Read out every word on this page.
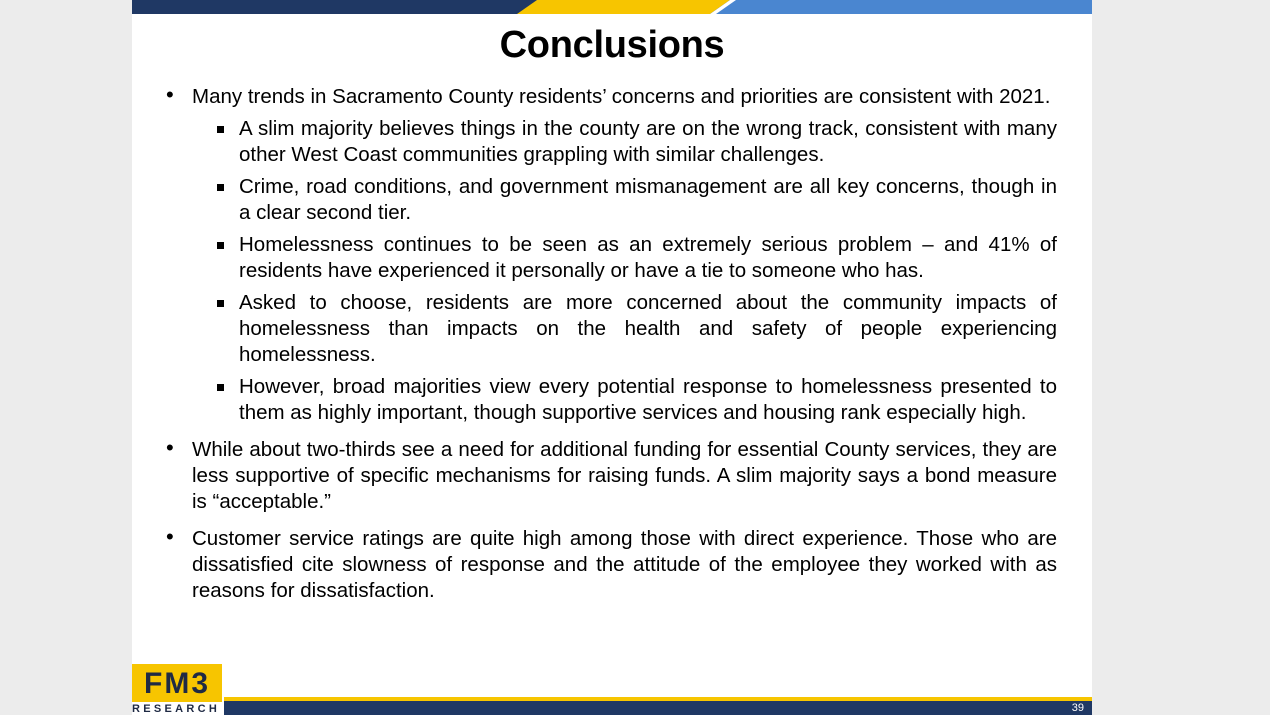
Conclusions
• Many trends in Sacramento County residents’ concerns and priorities are consistent with 2021.
A slim majority believes things in the county are on the wrong track, consistent with many other West Coast communities grappling with similar challenges.
Crime, road conditions, and government mismanagement are all key concerns, though in a clear second tier.
Homelessness continues to be seen as an extremely serious problem – and 41% of residents have experienced it personally or have a tie to someone who has.
Asked to choose, residents are more concerned about the community impacts of homelessness than impacts on the health and safety of people experiencing homelessness.
However, broad majorities view every potential response to homelessness presented to them as highly important, though supportive services and housing rank especially high.
• While about two-thirds see a need for additional funding for essential County services, they are less supportive of specific mechanisms for raising funds. A slim majority says a bond measure is “acceptable.”
• Customer service ratings are quite high among those with direct experience. Those who are dissatisfied cite slowness of response and the attitude of the employee they worked with as reasons for dissatisfaction.
39
FM3
RESEARCH
